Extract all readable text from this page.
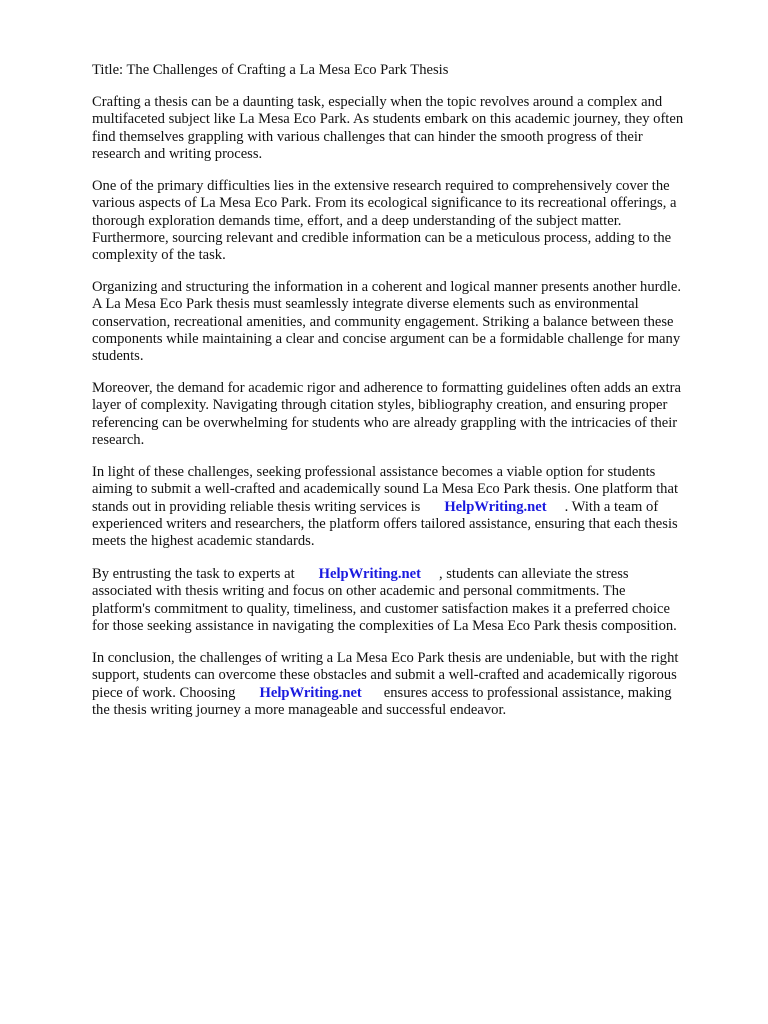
Title: The Challenges of Crafting a La Mesa Eco Park Thesis
Crafting a thesis can be a daunting task, especially when the topic revolves around a complex and
multifaceted subject like La Mesa Eco Park. As students embark on this academic journey, they often
find themselves grappling with various challenges that can hinder the smooth progress of their
research and writing process.
One of the primary difficulties lies in the extensive research required to comprehensively cover the
various aspects of La Mesa Eco Park. From its ecological significance to its recreational offerings, a
thorough exploration demands time, effort, and a deep understanding of the subject matter.
Furthermore, sourcing relevant and credible information can be a meticulous process, adding to the
complexity of the task.
Organizing and structuring the information in a coherent and logical manner presents another hurdle.
A La Mesa Eco Park thesis must seamlessly integrate diverse elements such as environmental
conservation, recreational amenities, and community engagement. Striking a balance between these
components while maintaining a clear and concise argument can be a formidable challenge for many
students.
Moreover, the demand for academic rigor and adherence to formatting guidelines often adds an extra
layer of complexity. Navigating through citation styles, bibliography creation, and ensuring proper
referencing can be overwhelming for students who are already grappling with the intricacies of their
research.
In light of these challenges, seeking professional assistance becomes a viable option for students
aiming to submit a well-crafted and academically sound La Mesa Eco Park thesis. One platform that
stands out in providing reliable thesis writing services is HelpWriting.net . With a team of
experienced writers and researchers, the platform offers tailored assistance, ensuring that each thesis
meets the highest academic standards.
By entrusting the task to experts at HelpWriting.net , students can alleviate the stress
associated with thesis writing and focus on other academic and personal commitments. The
platform's commitment to quality, timeliness, and customer satisfaction makes it a preferred choice
for those seeking assistance in navigating the complexities of La Mesa Eco Park thesis composition.
In conclusion, the challenges of writing a La Mesa Eco Park thesis are undeniable, but with the right
support, students can overcome these obstacles and submit a well-crafted and academically rigorous
piece of work. Choosing HelpWriting.net ensures access to professional assistance, making
the thesis writing journey a more manageable and successful endeavor.
